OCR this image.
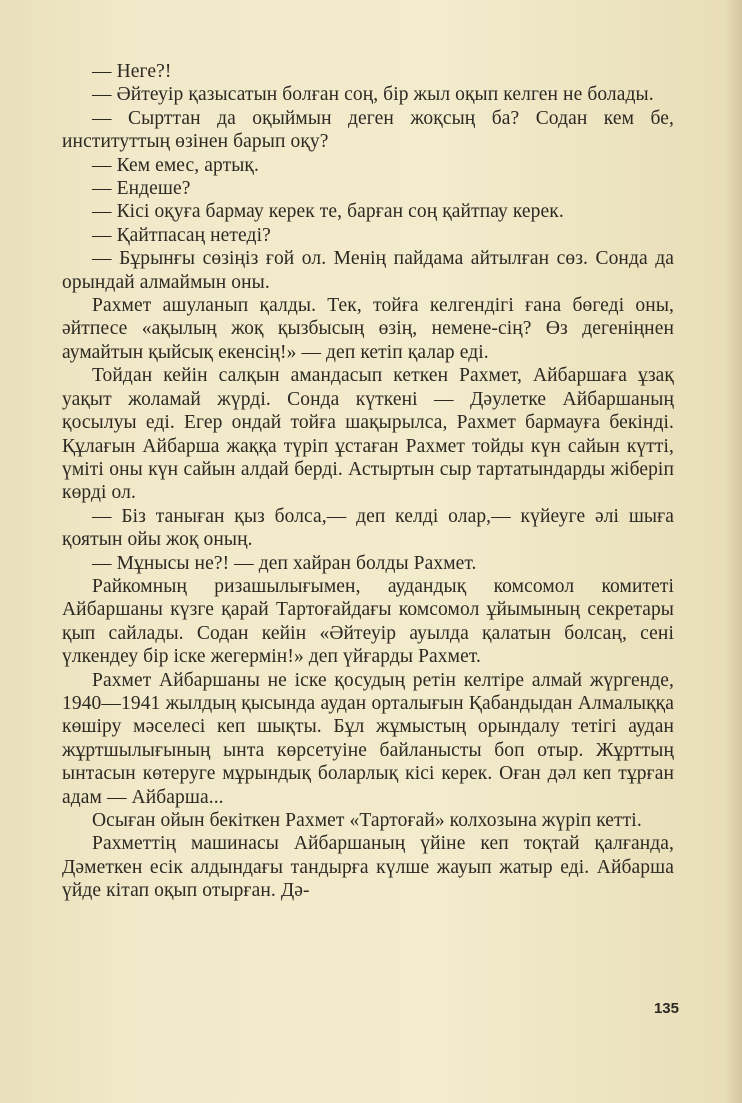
— Неге?!

— Әйтеуір қазысатын болған соң, бір жыл оқып келген не болады.

— Сырттан да оқыймын деген жоқсың ба? Содан кем бе, институттың өзінен барып оқу?

— Кем емес, артық.

— Ендеше?

— Кісі оқуға бармау керек те, барған соң қайтпау керек.

— Қайтпасаң нетеді?

— Бұрынғы сөзіңіз ғой ол. Менің пайдама айтылған сөз. Сонда да орындай алмаймын оны.

Рахмет ашуланып қалды. Тек, тойға келгендігі ғана бөгеді оны, әйтпесе «ақылың жоқ қызбысың өзің, немене-сің? Өз дегеніңнен аумайтын қыйсық екенсің!» — деп кетіп қалар еді.

Тойдан кейін салқын амандасып кеткен Рахмет, Айбаршаға ұзақ уақыт жоламай жүрді. Сонда күткені — Дәулетке Айбаршаның қосылуы еді. Егер ондай тойға шақырылса, Рахмет бармауға бекінді. Құлағын Айбарша жаққа түріп ұстаған Рахмет тойды күн сайын күтті, үміті оны күн сайын алдай берді. Астыртын сыр тартатындарды жіберіп көрді ол.

— Біз таныған қыз болса,— деп келді олар,— күйеуге әлі шыға қоятын ойы жоқ оның.

— Мұнысы не?! — деп хайран болды Рахмет.

Райкомның ризашылығымен, аудандық комсомол комитеті Айбаршаны күзге қарай Тартоғайдағы комсомол ұйымының секретары қып сайлады. Содан кейін «Әйтеуір ауылда қалатын болсаң, сені үлкендеу бір іске жегермін!» деп үйғарды Рахмет.

Рахмет Айбаршаны не іске қосудың ретін келтіре алмай жүргенде, 1940—1941 жылдың қысында аудан орталығын Қабандыдан Алмалыққа көшіру мәселесі кеп шықты. Бұл жұмыстың орындалу тетігі аудан жұртшылығының ынта көрсетуіне байланысты боп отыр. Жұрттың ынтасын көтеруге мұрындық боларлық кісі керек. Оған дәл кеп тұрған адам — Айбарша...

Осыған ойын бекіткен Рахмет «Тартоғай» колхозына жүріп кетті.

Рахметтің машинасы Айбаршаның үйіне кеп тоқтай қалғанда, Дәметкен есік алдындағы тандырға күлше жауып жатыр еді. Айбарша үйде кітап оқып отырған. Дә-

135
